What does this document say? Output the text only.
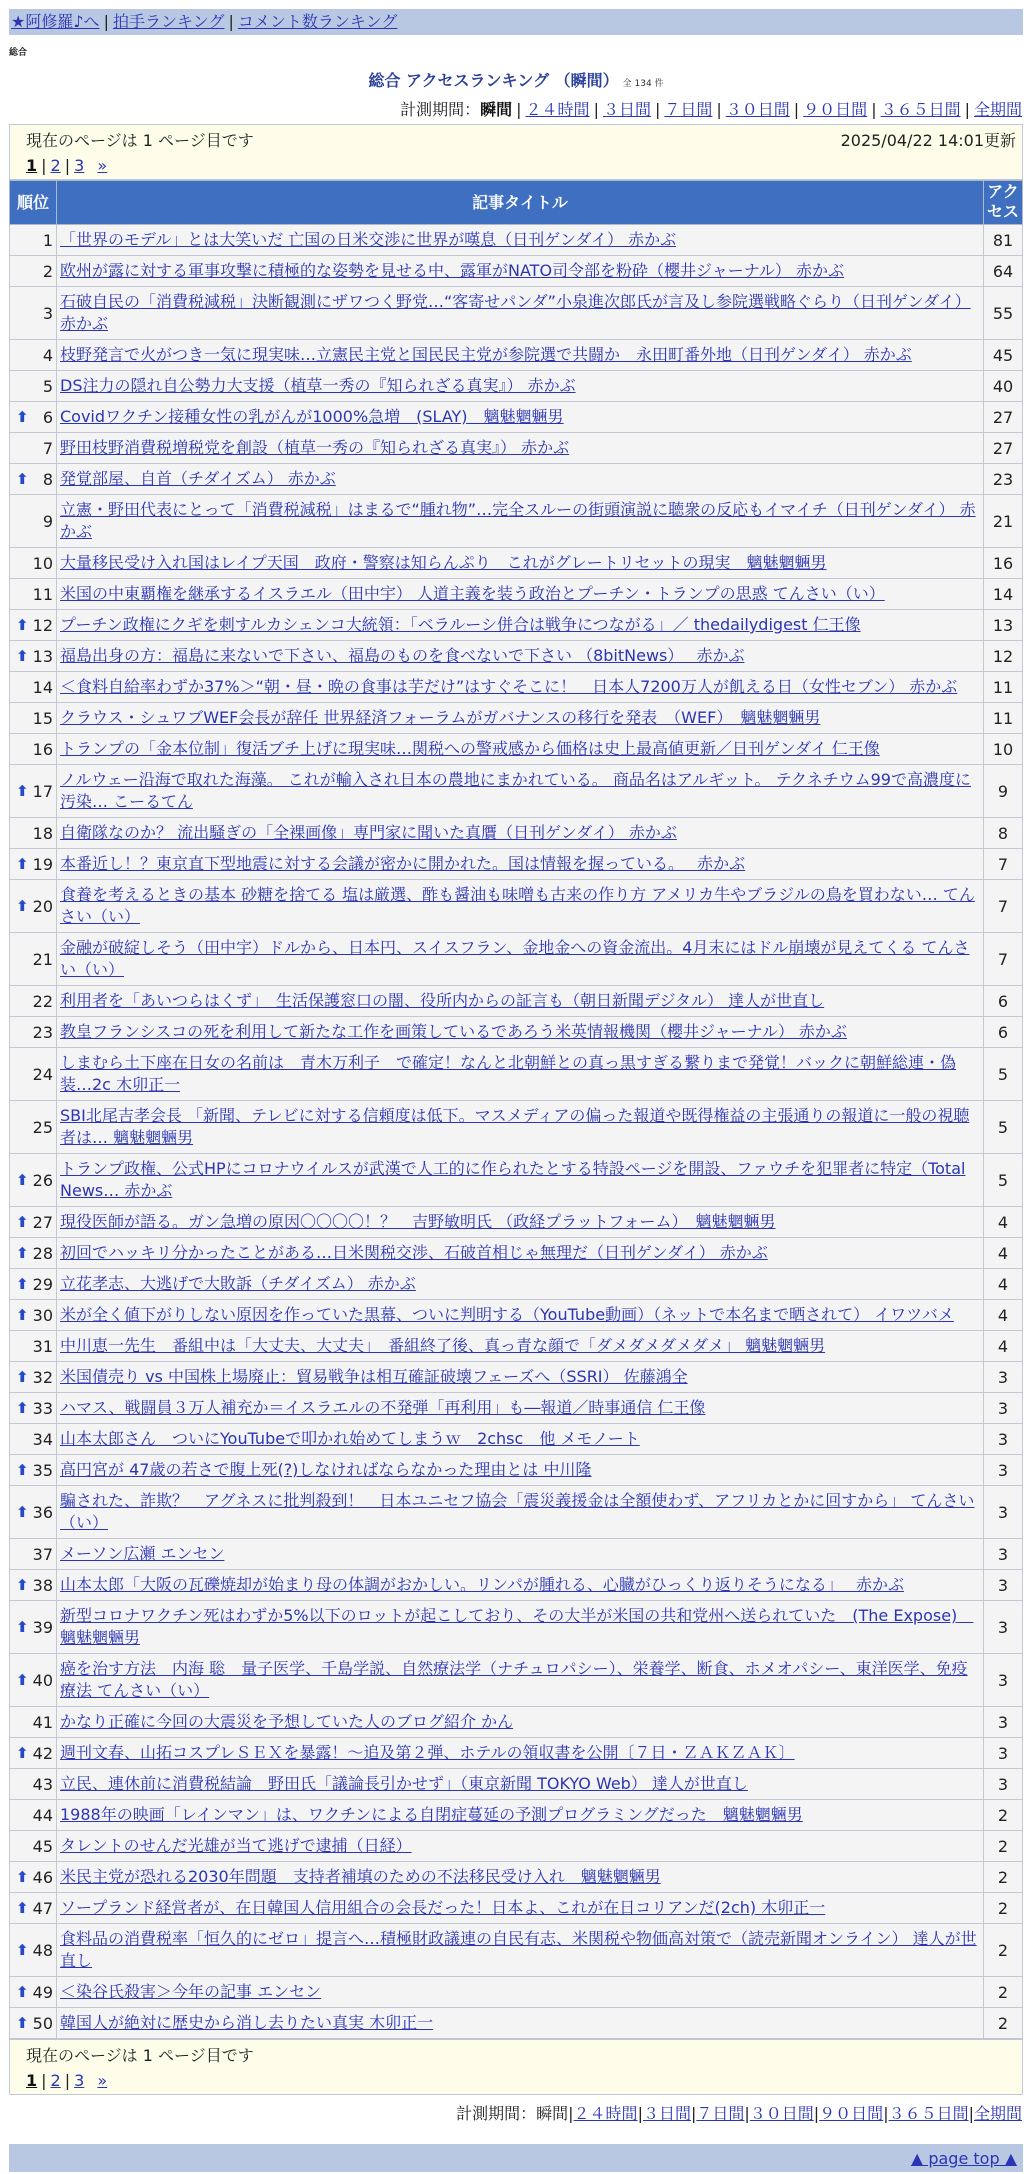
★阿修羅♪へ | 拍手ランキング | コメント数ランキング
総合
総合 アクセスランキング （瞬間） 全 134 件
計測期間：瞬間 | ２４時間 | ３日間 | ７日間 | ３０日間 | ９０日間 | ３６５日間 | 全期間
現在のページは 1 ページ目です	2025/04/22 14:01更新
1 | 2 | 3 »
順位	記事タイトル	アクセス
1	「世界のモデル」とは大笑いだ 亡国の日米交渉に世界が嘆息（日刊ゲンダイ） 赤かぶ	81
2	欧州が露に対する軍事攻撃に積極的な姿勢を見せる中、露軍がNATO司令部を粉砕（櫻井ジャーナル） 赤かぶ	64
3	石破自民の「消費税減税」決断観測にザワつく野党…“客寄せパンダ”小泉進次郎氏が言及し参院選戦略ぐらり（日刊ゲンダイ） 赤かぶ	55
4	枝野発言で火がつき一気に現実味…立憲民主党と国民民主党が参院選で共闘か　永田町番外地（日刊ゲンダイ） 赤かぶ	45
5	DS注力の隠れ自公勢力大支援（植草一秀の『知られざる真実』） 赤かぶ	40

⬆ 6	Covidワクチン接種女性の乳がんが1000%急増　(SLAY)　魑魅魍魎男	27
7	野田枝野消費税増税党を創設（植草一秀の『知られざる真実』） 赤かぶ	27

⬆ 8	発覚部屋、自首（チダイズム） 赤かぶ	23
9	立憲・野田代表にとって「消費税減税」はまるで“腫れ物”…完全スルーの街頭演説に聴衆の反応もイマイチ（日刊ゲンダイ） 赤かぶ	21
10	大量移民受け入れ国はレイプ天国　政府・警察は知らんぷり　これがグレートリセットの現実　魑魅魍魎男	16
11	米国の中東覇権を継承するイスラエル（田中宇） 人道主義を装う政治とプーチン・トランプの思惑 てんさい（い）	14

⬆ 12	プーチン政権にクギを刺すルカシェンコ大統領：「ベラルーシ併合は戦争につながる」／ thedailydigest 仁王像	13

⬆ 13	福島出身の方：福島に来ないで下さい、福島のものを食べないで下さい （8bitNews）　 赤かぶ	12
14	＜食料自給率わずか37%＞“朝・昼・晩の食事は芋だけ”はすぐそこに！　日本人7200万人が飢える日（女性セブン） 赤かぶ	11
15	クラウス・シュワブWEF会長が辞任 世界経済フォーラムがガバナンスの移行を発表　（WEF）　魑魅魍魎男	11
16	トランプの「金本位制」復活ブチ上げに現実味…関税への警戒感から価格は史上最高値更新／日刊ゲンダイ 仁王像	10

⬆ 17	ノルウェー沿海で取れた海藻。 これが輸入され日本の農地にまかれている。 商品名はアルギット。 テクネチウム99で高濃度に汚染… こーるてん	9
18	自衛隊なのか？ 流出騒ぎの「全裸画像」専門家に聞いた真贋（日刊ゲンダイ） 赤かぶ	8

⬆ 19	本番近し！？東京直下型地震に対する会議が密かに開かれた。国は情報を握っている。　 赤かぶ	7

⬆ 20	食養を考えるときの基本 砂糖を捨てる 塩は厳選、酢も醤油も味噌も古来の作り方 アメリカ牛やブラジルの鳥を買わない… てんさい（い）	7
21	金融が破綻しそう（田中宇）ドルから、日本円、スイスフラン、金地金への資金流出。4月末にはドル崩壊が見えてくる てんさい（い）	7
22	利用者を「あいつらはくず」　生活保護窓口の闇、役所内からの証言も（朝日新聞デジタル） 達人が世直し	6
23	教皇フランシスコの死を利用して新たな工作を画策しているであろう米英情報機関（櫻井ジャーナル） 赤かぶ	6
24	しまむら土下座在日女の名前は　青木万利子　で確定！なんと北朝鮮との真っ黒すぎる繋りまで発覚！バックに朝鮮総連・偽装…2c 木卯正一	5
25	SBI北尾吉孝会長 「新聞、テレビに対する信頼度は低下。マスメディアの偏った報道や既得権益の主張通りの報道に一般の視聴者は… 魑魅魍魎男	5

⬆ 26	トランプ政権、公式HPにコロナウイルスが武漢で人工的に作られたとする特設ページを開設、ファウチを犯罪者に特定（Total News… 赤かぶ	5

⬆ 27	現役医師が語る。ガン急増の原因〇〇〇〇！？　吉野敏明氏 （政経プラットフォーム）　魑魅魍魎男	4

⬆ 28	初回でハッキリ分かったことがある…日米関税交渉、石破首相じゃ無理だ（日刊ゲンダイ） 赤かぶ	4

⬆ 29	立花孝志、大逃げで大敗訴（チダイズム） 赤かぶ	4

⬆ 30	米が全く値下がりしない原因を作っていた黒幕、ついに判明する（YouTube動画）（ネットで本名まで晒されて） イワツバメ	4
31	中川恵一先生　番組中は「大丈夫、大丈夫」　番組終了後、真っ青な顔で「ダメダメダメダメ」 魑魅魍魎男	4

⬆ 32	米国債売り vs 中国株上場廃止：貿易戦争は相互確証破壊フェーズへ（SSRI） 佐藤鴻全	3

⬆ 33	ハマス、戦闘員３万人補充か＝イスラエルの不発弾「再利用」も―報道／時事通信 仁王像	3
34	山本太郎さん　ついにYouTubeで叩かれ始めてしまうｗ　2chsc　他 メモノート	3

⬆ 35	高円宮が 47歳の若さで腹上死(?)しなければならなかった理由とは 中川隆	3

⬆ 36	騙された、詐欺？　アグネスに批判殺到！　日本ユニセフ協会「震災義援金は全額使わず、アフリカとかに回すから」 てんさい（い）	3
37	メーソン広瀬 エンセン	3

⬆ 38	山本太郎「大阪の瓦礫焼却が始まり母の体調がおかしい。リンパが腫れる、心臓がひっくり返りそうになる」　 赤かぶ	3

⬆ 39	新型コロナワクチン死はわずか5%以下のロットが起こしており、その大半が米国の共和党州へ送られていた　(The Expose)　魑魅魍魎男	3

⬆ 40	癌を治す方法　内海 聡　量子医学、千島学説、自然療法学（ナチュロパシー）、栄養学、断食、ホメオパシー、東洋医学、免疫療法 てんさい（い）	3
41	かなり正確に今回の大震災を予想していた人のブログ紹介 かん	3

⬆ 42	週刊文春、山拓コスプレＳＥＸを暴露！～追及第２弾、ホテルの領収書を公開〔７日・ＺＡＫＺＡＫ〕	3
43	立民、連休前に消費税結論　野田氏「議論長引かせず」（東京新聞 TOKYO Web） 達人が世直し	3
44	1988年の映画「レインマン」は、ワクチンによる自閉症蔓延の予測プログラミングだった　魑魅魍魎男	2
45	タレントのせんだ光雄が当て逃げで逮捕（日経）	2

⬆ 46	米民主党が恐れる2030年問題　支持者補填のための不法移民受け入れ　魑魅魍魎男	2

⬆ 47	ソープランド経営者が、在日韓国人信用組合の会長だった！日本よ、これが在日コリアンだ(2ch) 木卯正一	2

⬆ 48	食料品の消費税率「恒久的にゼロ」提言へ…積極財政議連の自民有志、米関税や物価高対策で（読売新聞オンライン） 達人が世直し	2

⬆ 49	＜染谷氏殺害＞今年の記事 エンセン	2

⬆ 50	韓国人が絶対に歴史から消し去りたい真実 木卯正一	2
現在のページは 1 ページ目です
1 | 2 | 3 »
計測期間：瞬間|２４時間|３日間|７日間|３０日間|９０日間|３６５日間|全期間
▲ page top ▲
